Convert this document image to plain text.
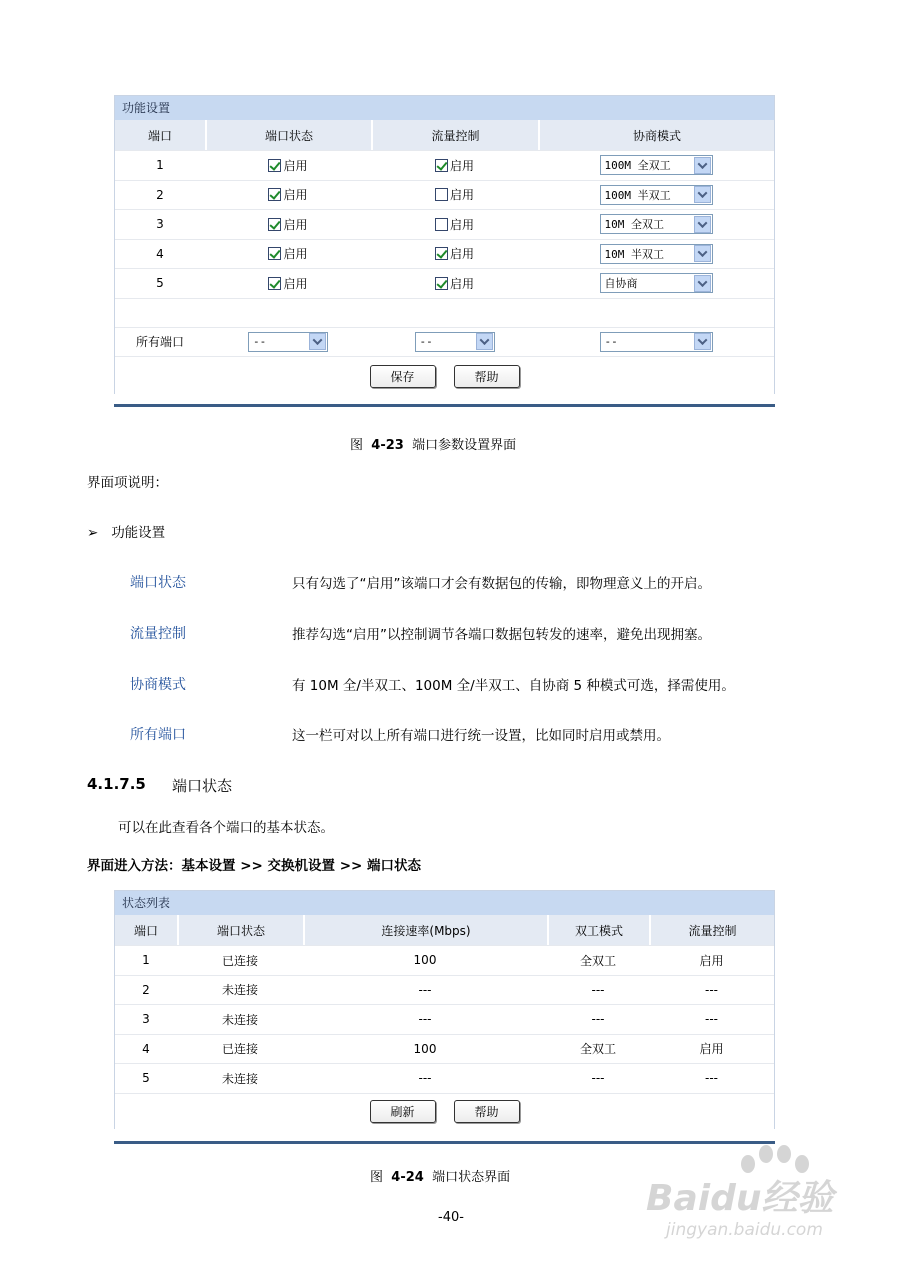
功能设置
端口	端口状态	流量控制	协商模式
1	启用	启用	100M 全双工
2	启用	启用	100M 半双工
3	启用	启用	10M 全双工
4	启用	启用	10M 半双工
5	启用	启用	自协商
所有端口	--	--	--
保存	帮助
图 4-23 端口参数设置界面
界面项说明：
➢ 功能设置
端口状态	只有勾选了“启用”该端口才会有数据包的传输，即物理意义上的开启。
流量控制	推荐勾选“启用”以控制调节各端口数据包转发的速率，避免出现拥塞。
协商模式	有 10M 全/半双工、100M 全/半双工、自协商 5 种模式可选，择需使用。
所有端口	这一栏可对以上所有端口进行统一设置，比如同时启用或禁用。
4.1.7.5 端口状态
可以在此查看各个端口的基本状态。
界面进入方法：基本设置 >> 交换机设置 >> 端口状态
状态列表
端口	端口状态	连接速率(Mbps)	双工模式	流量控制
1	已连接	100	全双工	启用
2	未连接	---	---	---
3	未连接	---	---	---
4	已连接	100	全双工	启用
5	未连接	---	---	---
刷新	帮助
图 4-24 端口状态界面
-40-	Baidu经验
jingyan.baidu.com
